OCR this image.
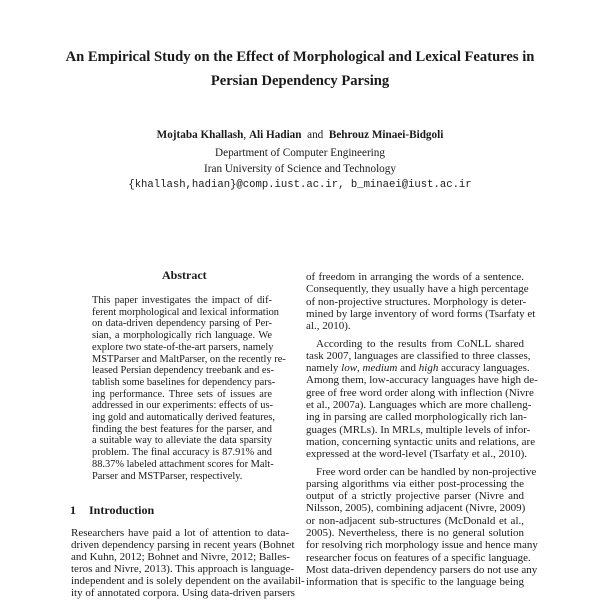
An Empirical Study on the Effect of Morphological and Lexical Features in
Persian Dependency Parsing
Mojtaba Khallash, Ali Hadian and Behrouz Minaei-Bidgoli
Department of Computer Engineering
Iran University of Science and Technology
{khallash,hadian}@comp.iust.ac.ir, b_minaei@iust.ac.ir
Abstract
This paper investigates the impact of dif-
ferent morphological and lexical information
on data-driven dependency parsing of Per-
sian, a morphologically rich language. We
explore two state-of-the-art parsers, namely
MSTParser and MaltParser, on the recently re-
leased Persian dependency treebank and es-
tablish some baselines for dependency pars-
ing performance. Three sets of issues are
addressed in our experiments: effects of us-
ing gold and automatically derived features,
finding the best features for the parser, and
a suitable way to alleviate the data sparsity
problem. The final accuracy is 87.91% and
88.37% labeled attachment scores for Malt-
Parser and MSTParser, respectively.
1 Introduction
Researchers have paid a lot of attention to data-
driven dependency parsing in recent years (Bohnet
and Kuhn, 2012; Bohnet and Nivre, 2012; Balles-
teros and Nivre, 2013). This approach is language-
independent and is solely dependent on the availabil-
ity of annotated corpora. Using data-driven parsers
of freedom in arranging the words of a sentence.
Consequently, they usually have a high percentage
of non-projective structures. Morphology is deter-
mined by large inventory of word forms (Tsarfaty et
al., 2010).
According to the results from CoNLL shared
task 2007, languages are classified to three classes,
namely low, medium and high accuracy languages.
Among them, low-accuracy languages have high de-
gree of free word order along with inflection (Nivre
et al., 2007a). Languages which are more challeng-
ing in parsing are called morphologically rich lan-
guages (MRLs). In MRLs, multiple levels of infor-
mation, concerning syntactic units and relations, are
expressed at the word-level (Tsarfaty et al., 2010).
Free word order can be handled by non-projective
parsing algorithms via either post-processing the
output of a strictly projective parser (Nivre and
Nilsson, 2005), combining adjacent (Nivre, 2009)
or non-adjacent sub-structures (McDonald et al.,
2005). Nevertheless, there is no general solution
for resolving rich morphology issue and hence many
researcher focus on features of a specific language.
Most data-driven dependency parsers do not use any
information that is specific to the language being
